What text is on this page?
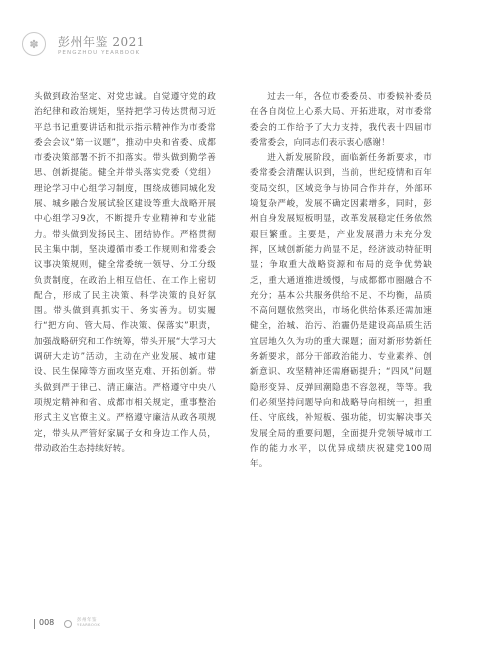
✽	彭州年鉴 2021
PENGZHOU YEARBOOK

头做到政治坚定、对党忠诚。自觉遵守党的政治纪律和政治规矩，坚持把学习传达贯彻习近平总书记重要讲话和批示指示精神作为市委常委会会议“第一议题”，推动中央和省委、成都市委决策部署不折不扣落实。带头做到勤学善思、创新提能。健全并带头落实党委（党组）理论学习中心组学习制度，围绕成德同城化发展、城乡融合发展试验区建设等重大战略开展中心组学习9次，不断提升专业精神和专业能力。带头做到发扬民主、团结协作。严格贯彻民主集中制，坚决遵循市委工作规则和常委会议事决策规则，健全常委统一领导、分工分级负责制度，在政治上相互信任、在工作上密切配合，形成了民主决策、科学决策的良好氛围。带头做到真抓实干、务实善为。切实履行“把方向、管大局、作决策、保落实”职责，加强战略研究和工作统筹，带头开展“大学习大调研大走访”活动，主动在产业发展、城市建设、民生保障等方面攻坚克难、开拓创新。带头做到严于律己、清正廉洁。严格遵守中央八项规定精神和省、成都市相关规定，重事整治形式主义官僚主义。严格遵守廉洁从政各项规定，带头从严管好家属子女和身边工作人员，带动政治生态持续好转。

过去一年，各位市委委员、市委候补委员在各自岗位上心系大局、开拓进取，对市委常委会的工作给予了大力支持，我代表十四届市委常委会，向同志们表示衷心感谢！

进入新发展阶段，面临新任务新要求，市委常委会清醒认识到，当前，世纪疫情和百年变局交织，区域竞争与协同合作并存，外部环境复杂严峻，发展不确定因素增多，同时，彭州自身发展短板明显，改革发展稳定任务依然艰巨繁重。主要是，产业发展潜力未充分发挥，区域创新能力尚显不足，经济波动特征明显；争取重大战略资源和布局的竞争优势缺乏，重大通道推进缓慢，与成都都市圈融合不充分；基本公共服务供给不足、不均衡，品质不高问题依然突出，市场化供给体系还需加速健全，治城、治污、治霾仍是建设高品质生活宜居地久久为功的重大课题；面对新形势新任务新要求，部分干部政治能力、专业素养、创新意识、攻坚精神还需磨砺提升；“四风”问题隐形变异、反弹回潮隐患不容忽视，等等。我们必须坚持问题导向和战略导向相统一，担重任、守底线，补短板、强功能，切实解决事关发展全局的重要问题，全面提升党领导城市工作的能力水平，以优异成绩庆祝建党100周年。

008	彭州年鉴
YEARBOOK
